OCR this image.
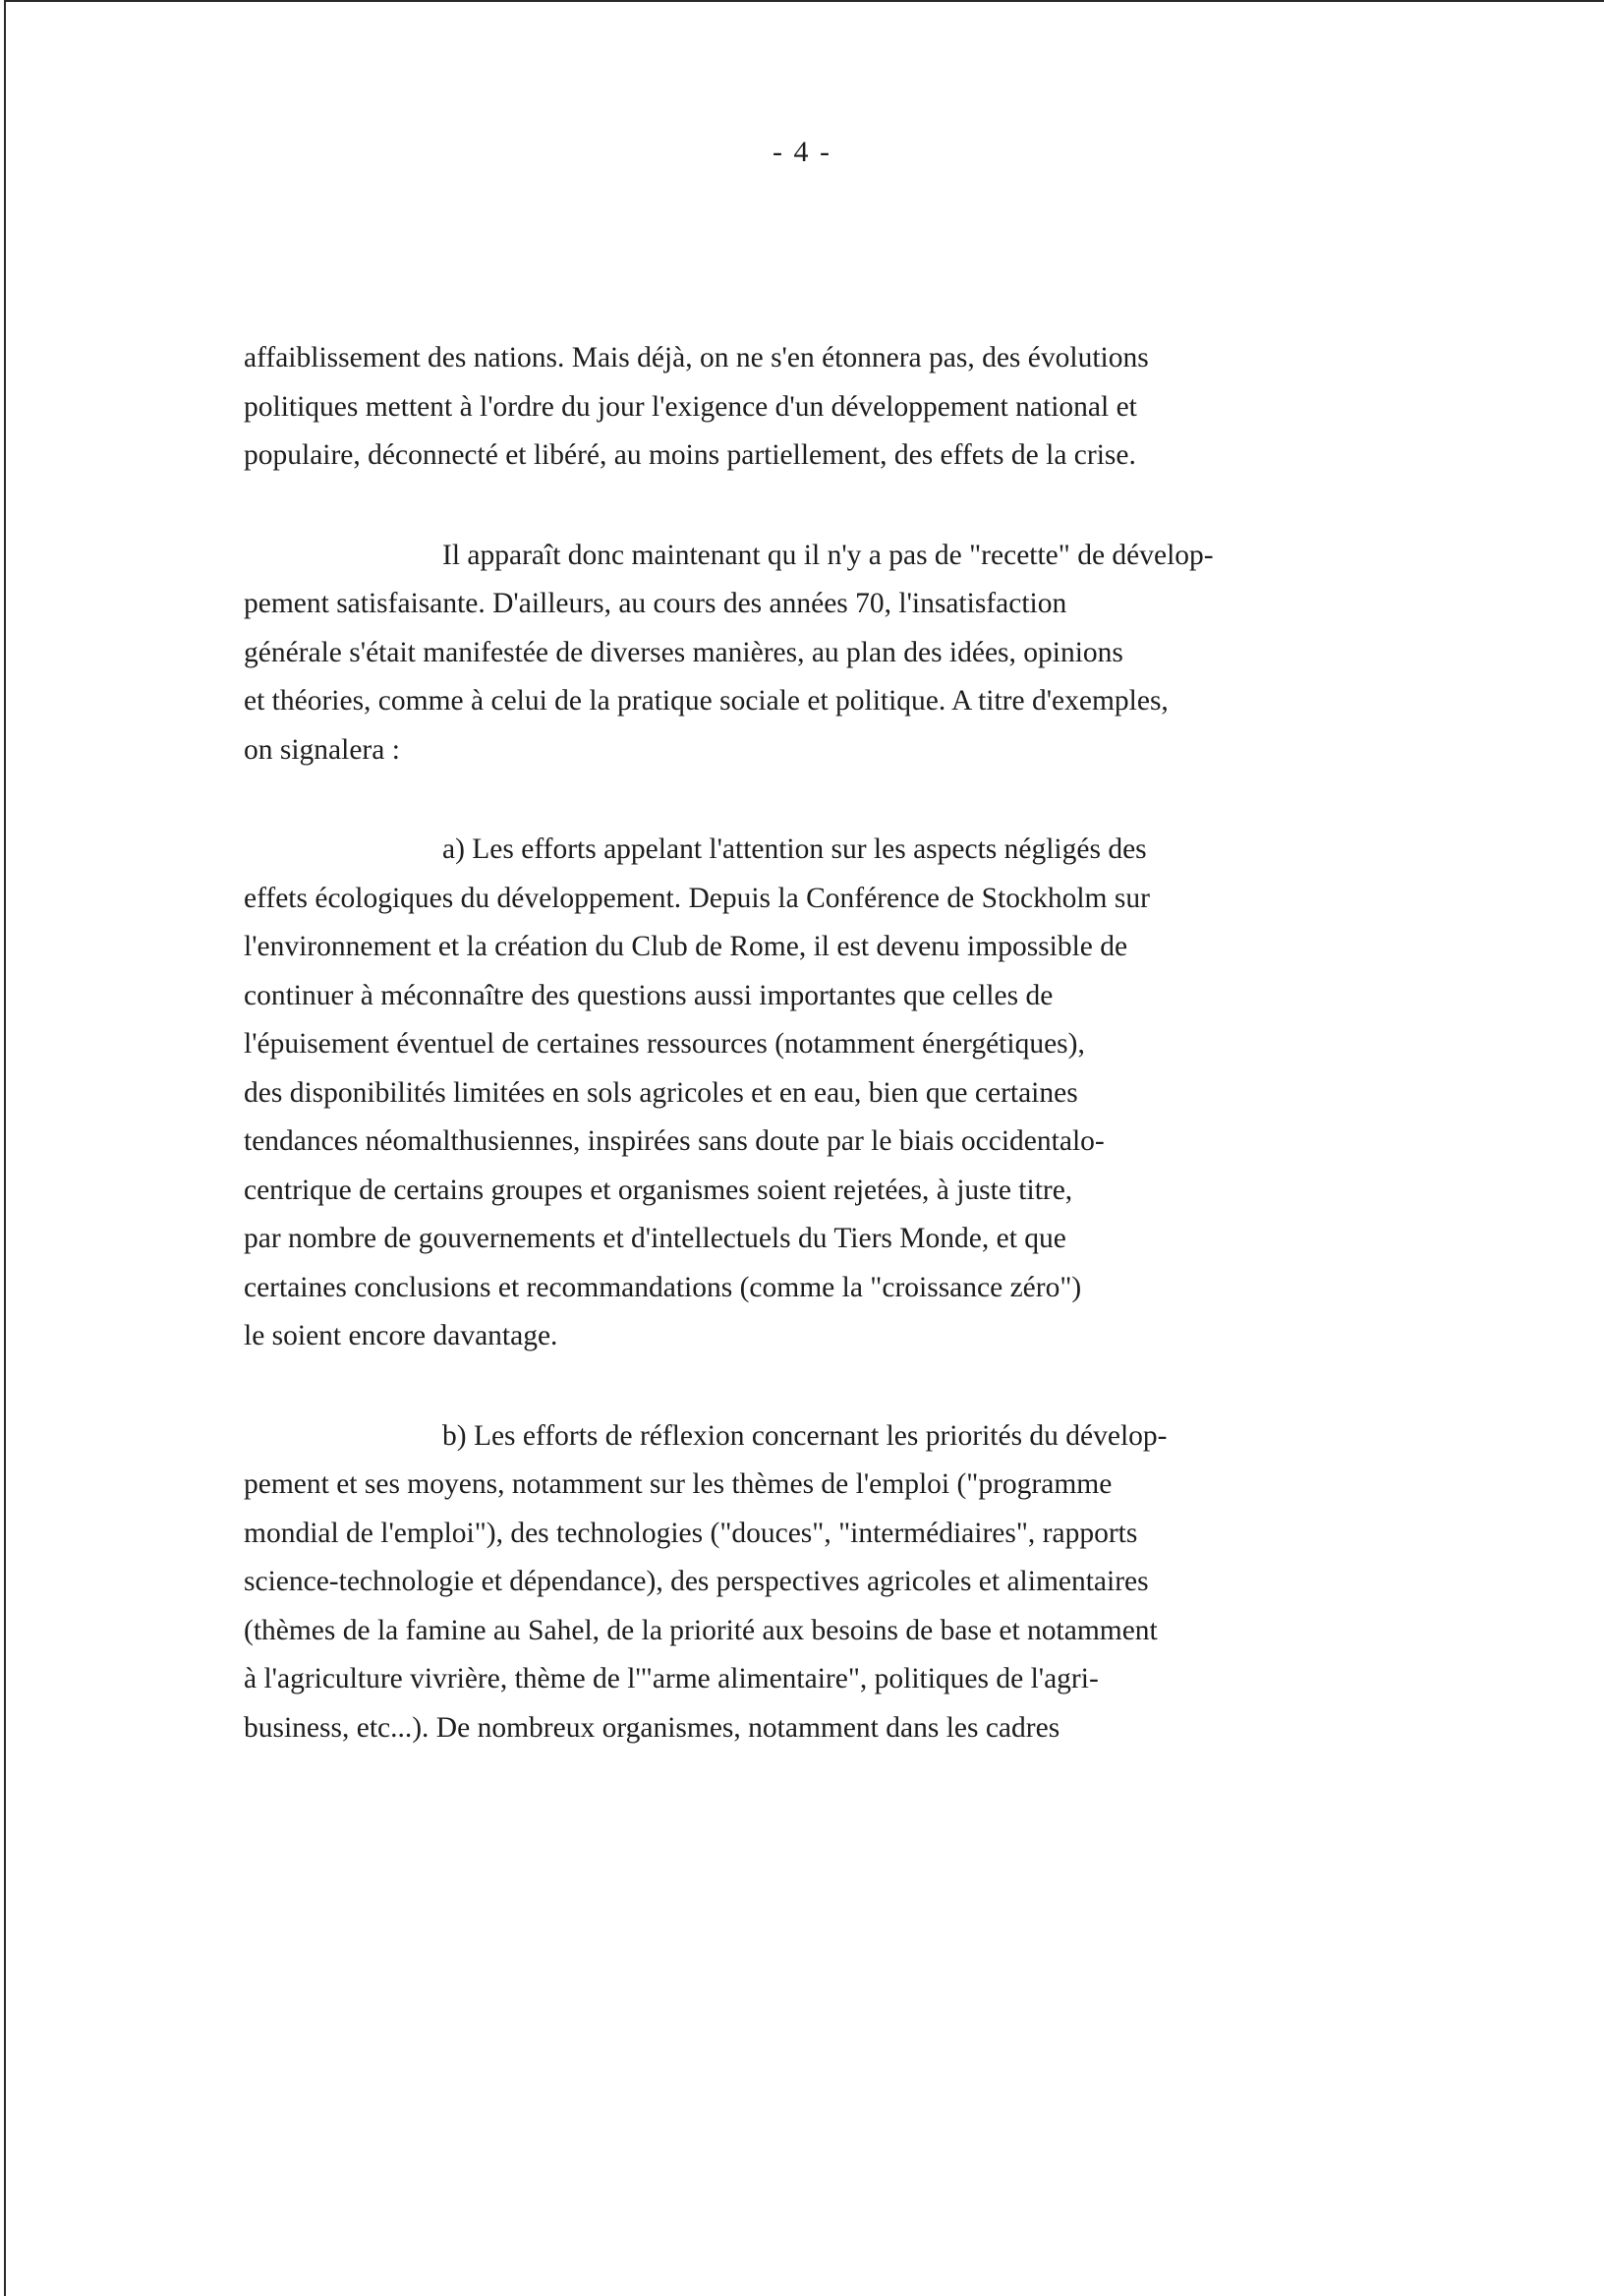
- 4 -

affaiblissement des nations. Mais déjà, on ne s'en étonnera pas, des évolutions
politiques mettent à l'ordre du jour l'exigence d'un développement national et
populaire, déconnecté et libéré, au moins partiellement, des effets de la crise.

Il apparaît donc maintenant qu il n'y a pas de "recette" de dévelop-
pement satisfaisante. D'ailleurs, au cours des années 70, l'insatisfaction
générale s'était manifestée de diverses manières, au plan des idées, opinions
et théories, comme à celui de la pratique sociale et politique. A titre d'exemples,
on signalera :

a) Les efforts appelant l'attention sur les aspects négligés des
effets écologiques du développement. Depuis la Conférence de Stockholm sur
l'environnement et la création du Club de Rome, il est devenu impossible de
continuer à méconnaître des questions aussi importantes que celles de
l'épuisement éventuel de certaines ressources (notamment énergétiques),
des disponibilités limitées en sols agricoles et en eau, bien que certaines
tendances néomalthusiennes, inspirées sans doute par le biais occidentalo-
centrique de certains groupes et organismes soient rejetées, à juste titre,
par nombre de gouvernements et d'intellectuels du Tiers Monde, et que
certaines conclusions et recommandations (comme la "croissance zéro")
le soient encore davantage.

b) Les efforts de réflexion concernant les priorités du dévelop-
pement et ses moyens, notamment sur les thèmes de l'emploi ("programme
mondial de l'emploi"), des technologies ("douces", "intermédiaires", rapports
science-technologie et dépendance), des perspectives agricoles et alimentaires
(thèmes de la famine au Sahel, de la priorité aux besoins de base et notamment
à l'agriculture vivrière, thème de l'"arme alimentaire", politiques de l'agri-
business, etc...). De nombreux organismes, notamment dans les cadres
